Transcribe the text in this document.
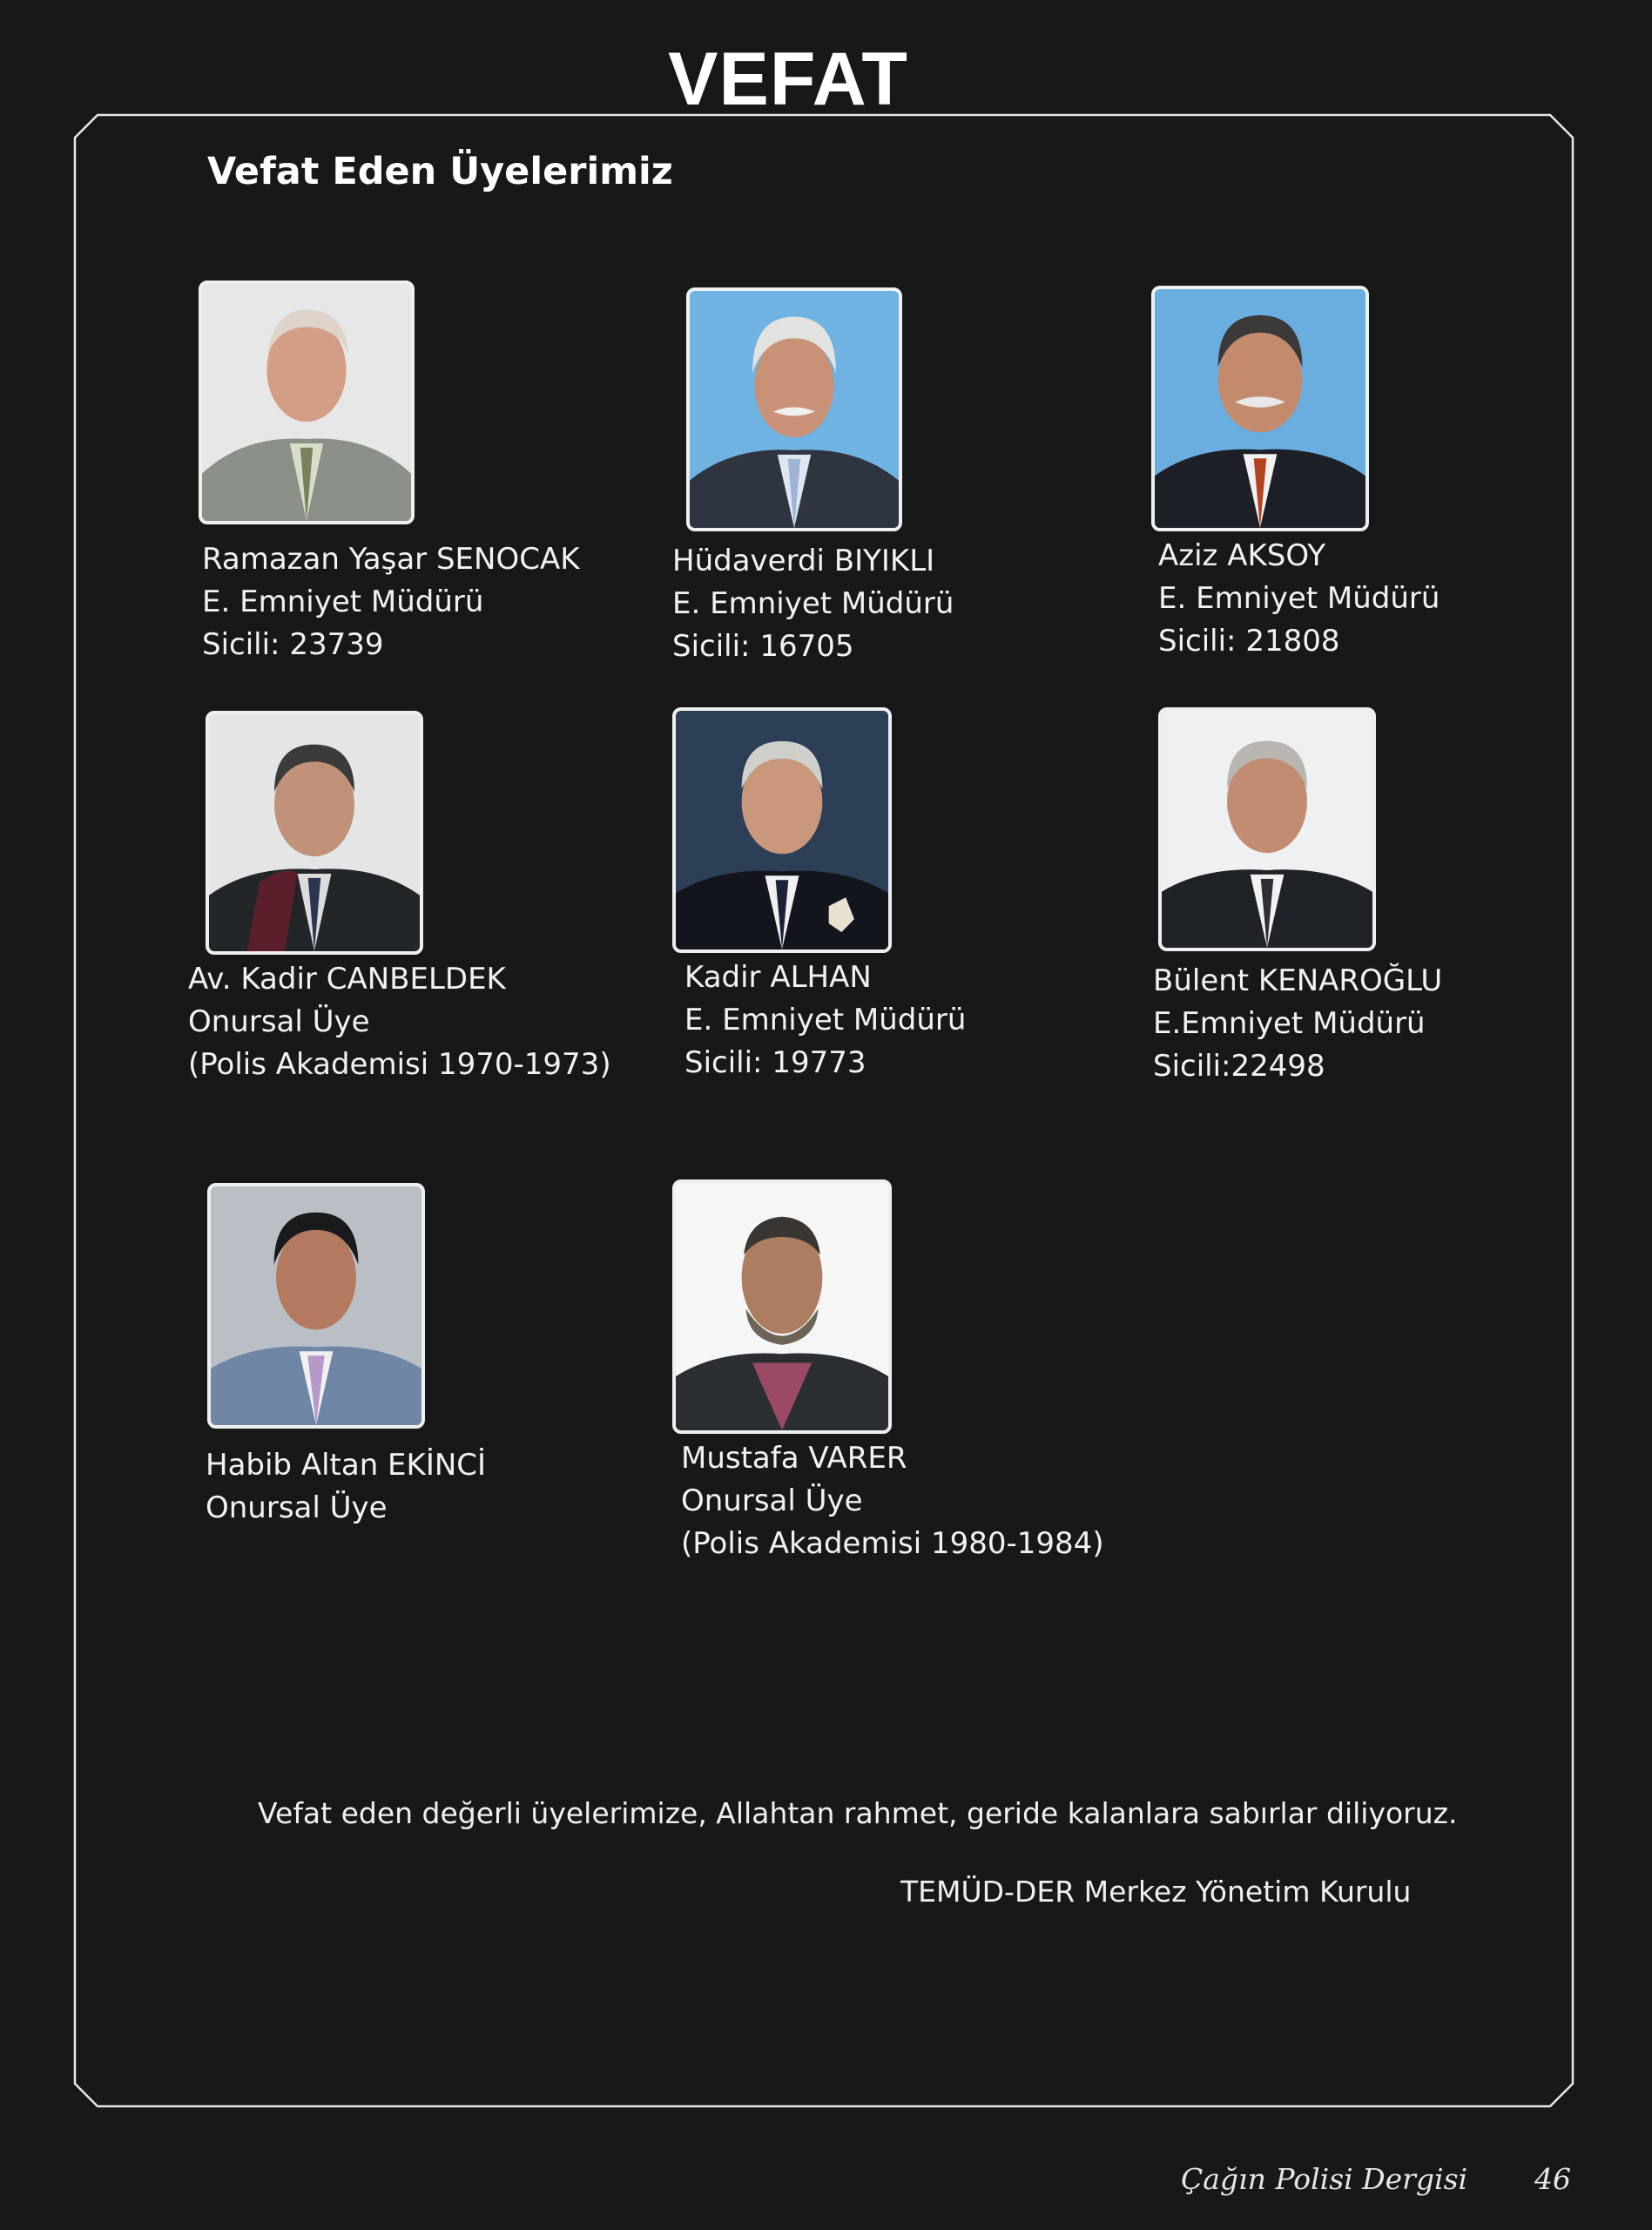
VEFAT
Vefat Eden Üyelerimiz
Ramazan Yaşar SENOCAK
E. Emniyet Müdürü
Sicili: 23739
Hüdaverdi BIYIKLI
E. Emniyet Müdürü
Sicili: 16705
Aziz AKSOY
E. Emniyet Müdürü
Sicili: 21808
Av. Kadir CANBELDEK
Onursal Üye
(Polis Akademisi 1970-1973)
Kadir ALHAN
E. Emniyet Müdürü
Sicili: 19773
Bülent KENAROĞLU
E.Emniyet Müdürü
Sicili:22498
Habib Altan EKİNCİ
Onursal Üye
Mustafa VARER
Onursal Üye
(Polis Akademisi 1980-1984)
Vefat eden değerli üyelerimize, Allahtan rahmet, geride kalanlara sabırlar diliyoruz.
TEMÜD-DER Merkez Yönetim Kurulu
Çağın Polisi Dergisi 46
